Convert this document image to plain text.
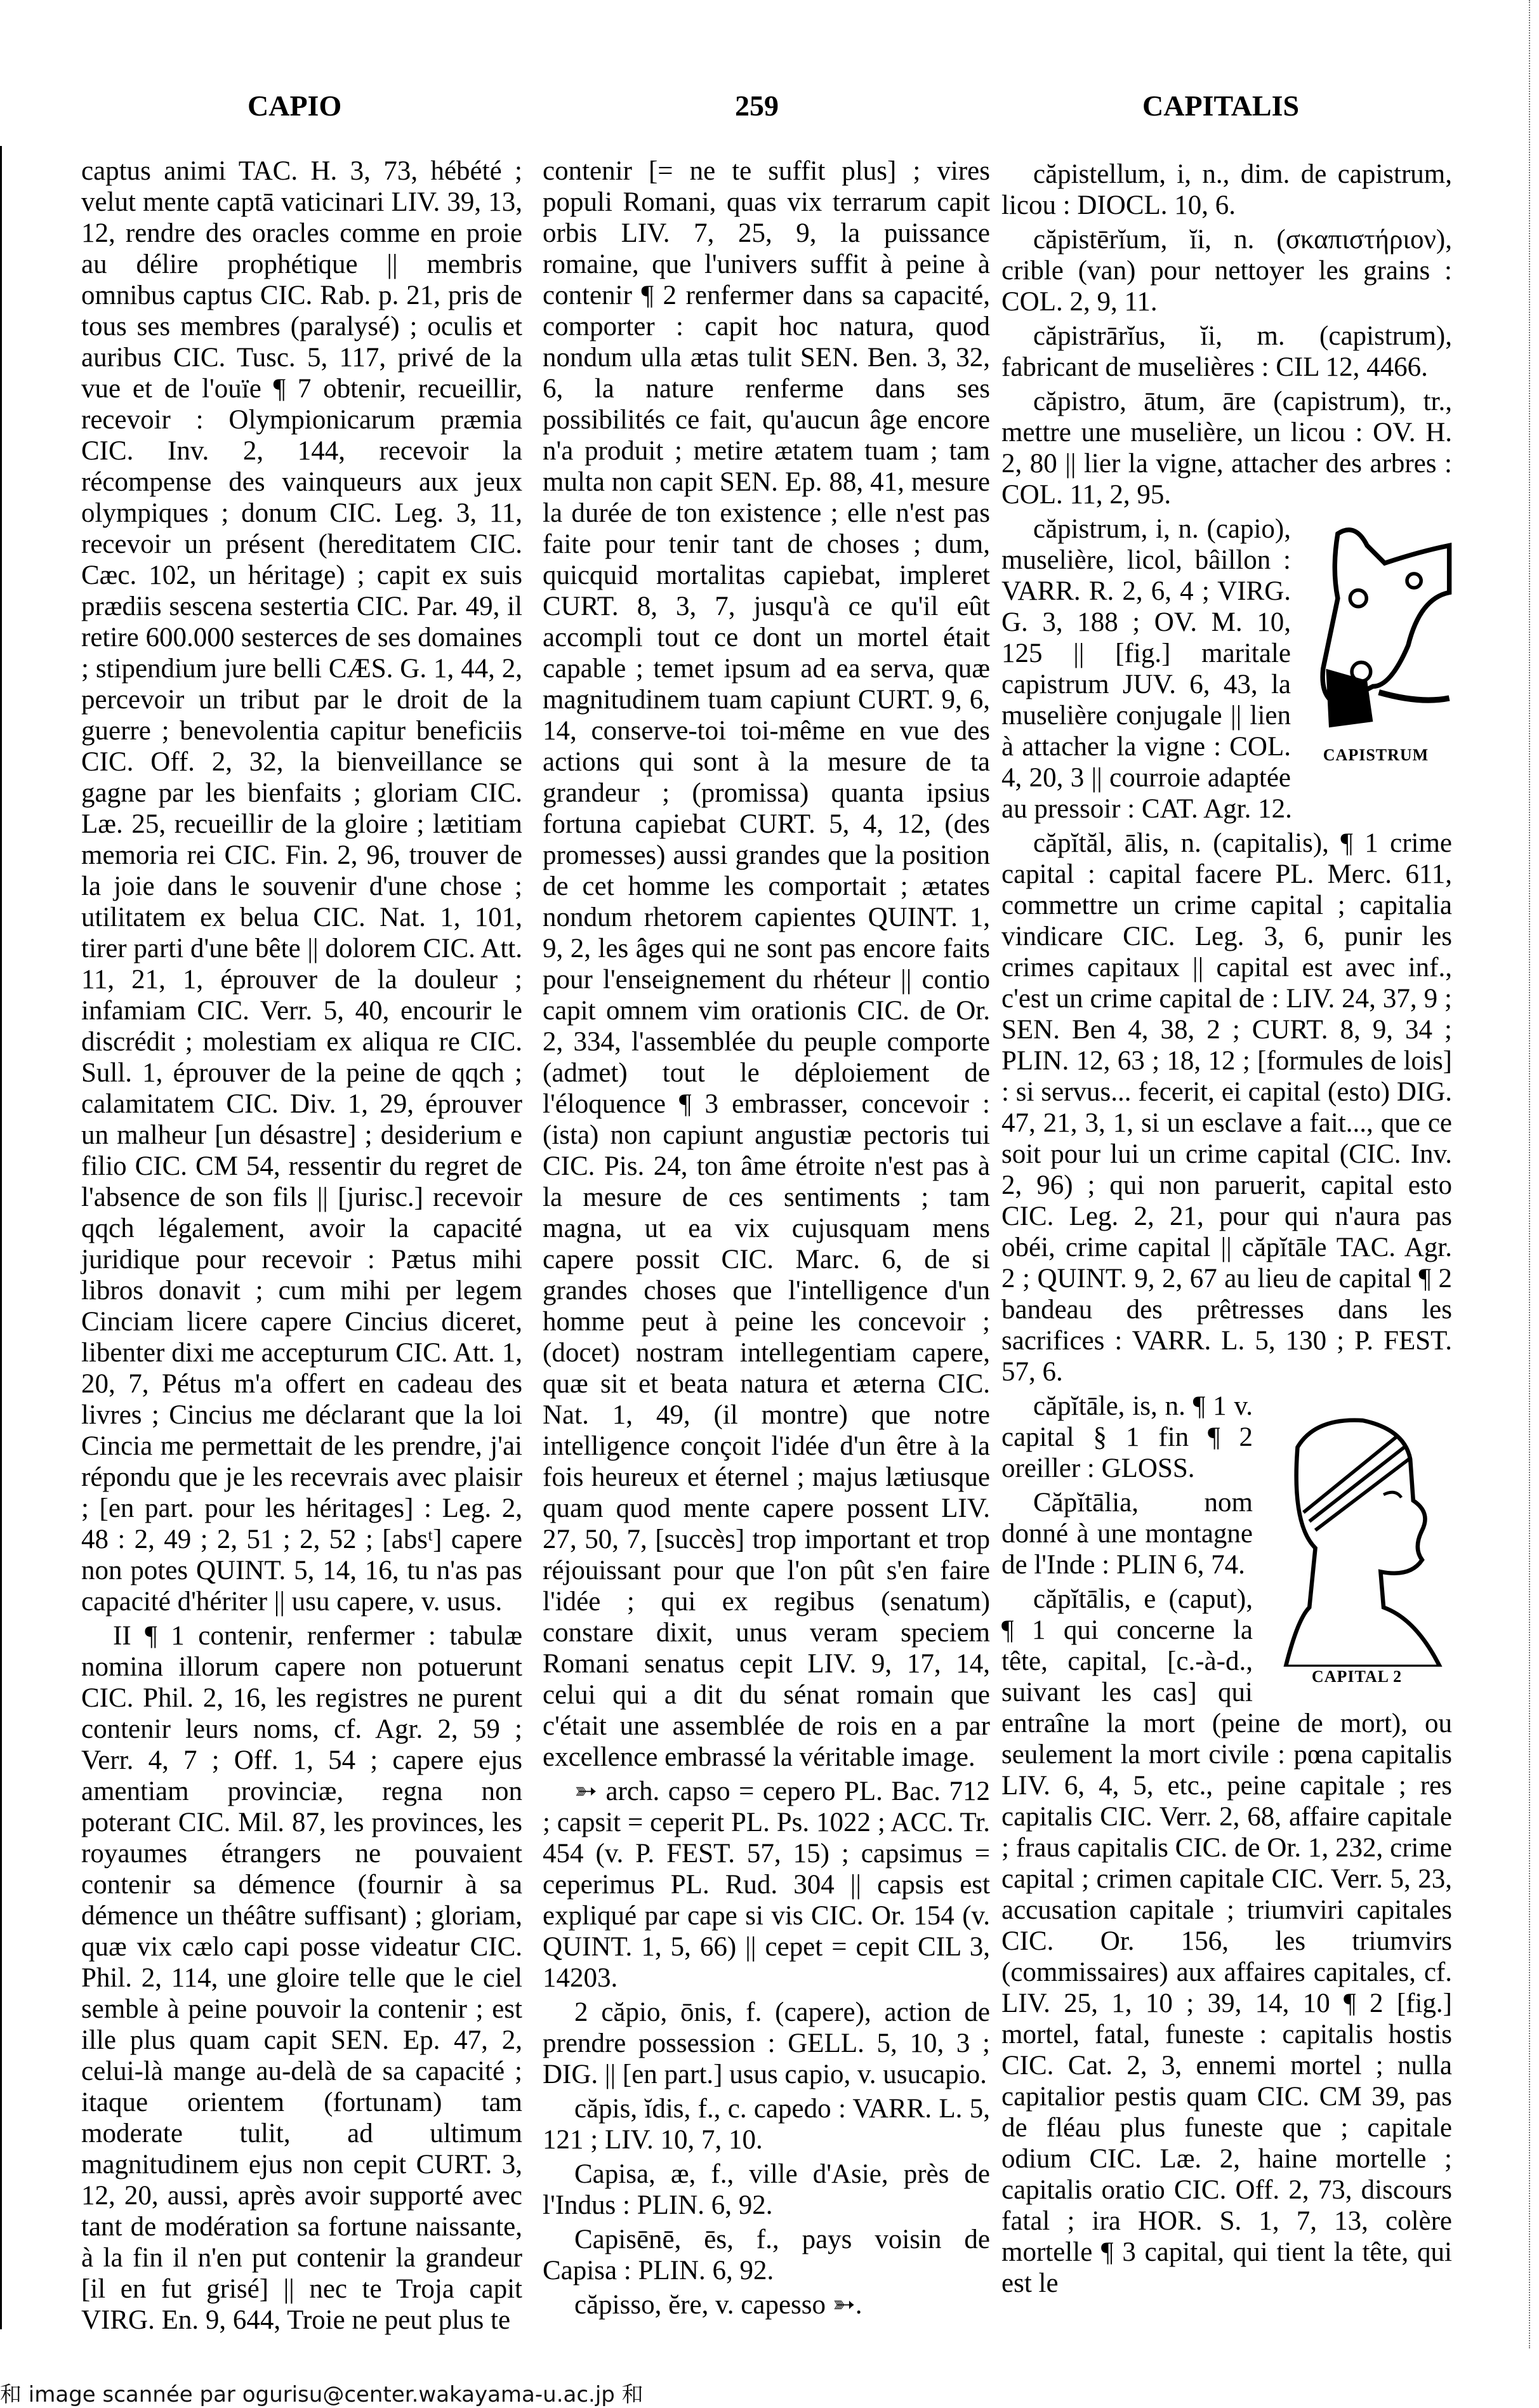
CAPIO	259	CAPITALIS

captus animi TAC. H. 3, 73, hébété ; velut mente captā vaticinari LIV. 39, 13, 12, rendre des oracles comme en proie au délire prophétique || membris omnibus captus CIC. Rab. p. 21, pris de tous ses membres (paralysé) ; oculis et auribus CIC. Tusc. 5, 117, privé de la vue et de l'ouïe ¶ 7 obtenir, recueillir, recevoir : Olympionicarum præmia CIC. Inv. 2, 144, recevoir la récompense des vainqueurs aux jeux olympiques ; donum CIC. Leg. 3, 11, recevoir un présent (hereditatem CIC. Cæc. 102, un héritage) ; capit ex suis prædiis sescena sestertia CIC. Par. 49, il retire 600.000 sesterces de ses domaines ; stipendium jure belli CÆS. G. 1, 44, 2, percevoir un tribut par le droit de la guerre ; benevolentia capitur beneficiis CIC. Off. 2, 32, la bienveillance se gagne par les bienfaits ; gloriam CIC. Læ. 25, recueillir de la gloire ; lætitiam memoria rei CIC. Fin. 2, 96, trouver de la joie dans le souvenir d'une chose ; utilitatem ex belua CIC. Nat. 1, 101, tirer parti d'une bête || dolorem CIC. Att. 11, 21, 1, éprouver de la douleur ; infamiam CIC. Verr. 5, 40, encourir le discrédit ; molestiam ex aliqua re CIC. Sull. 1, éprouver de la peine de qqch ; calamitatem CIC. Div. 1, 29, éprouver un malheur [un désastre] ; desiderium e filio CIC. CM 54, ressentir du regret de l'absence de son fils || [jurisc.] recevoir qqch légalement, avoir la capacité juridique pour recevoir : Pætus mihi libros donavit ; cum mihi per legem Cinciam licere capere Cincius diceret, libenter dixi me accepturum CIC. Att. 1, 20, 7, Pétus m'a offert en cadeau des livres ; Cincius me déclarant que la loi Cincia me permettait de les prendre, j'ai répondu que je les recevrais avec plaisir ; [en part. pour les héritages] : Leg. 2, 48 : 2, 49 ; 2, 51 ; 2, 52 ; [absᵗ] capere non potes QUINT. 5, 14, 16, tu n'as pas capacité d'hériter || usu capere, v. usus.

II ¶ 1 contenir, renfermer : tabulæ nomina illorum capere non potuerunt CIC. Phil. 2, 16, les registres ne purent contenir leurs noms, cf. Agr. 2, 59 ; Verr. 4, 7 ; Off. 1, 54 ; capere ejus amentiam provinciæ, regna non poterant CIC. Mil. 87, les provinces, les royaumes étrangers ne pouvaient contenir sa démence (fournir à sa démence un théâtre suffisant) ; gloriam, quæ vix cælo capi posse videatur CIC. Phil. 2, 114, une gloire telle que le ciel semble à peine pouvoir la contenir ; est ille plus quam capit SEN. Ep. 47, 2, celui-là mange au-delà de sa capacité ; itaque orientem (fortunam) tam moderate tulit, ad ultimum magnitudinem ejus non cepit CURT. 3, 12, 20, aussi, après avoir supporté avec tant de modération sa fortune naissante, à la fin il n'en put contenir la grandeur [il en fut grisé] || nec te Troja capit VIRG. En. 9, 644, Troie ne peut plus te

contenir [= ne te suffit plus] ; vires populi Romani, quas vix terrarum capit orbis LIV. 7, 25, 9, la puissance romaine, que l'univers suffit à peine à contenir ¶ 2 renfermer dans sa capacité, comporter : capit hoc natura, quod nondum ulla ætas tulit SEN. Ben. 3, 32, 6, la nature renferme dans ses possibilités ce fait, qu'aucun âge encore n'a produit ; metire ætatem tuam ; tam multa non capit SEN. Ep. 88, 41, mesure la durée de ton existence ; elle n'est pas faite pour tenir tant de choses ; dum, quicquid mortalitas capiebat, impleret CURT. 8, 3, 7, jusqu'à ce qu'il eût accompli tout ce dont un mortel était capable ; temet ipsum ad ea serva, quæ magnitudinem tuam capiunt CURT. 9, 6, 14, conserve-toi toi-même en vue des actions qui sont à la mesure de ta grandeur ; (promissa) quanta ipsius fortuna capiebat CURT. 5, 4, 12, (des promesses) aussi grandes que la position de cet homme les comportait ; ætates nondum rhetorem capientes QUINT. 1, 9, 2, les âges qui ne sont pas encore faits pour l'enseignement du rhéteur || contio capit omnem vim orationis CIC. de Or. 2, 334, l'assemblée du peuple comporte (admet) tout le déploiement de l'éloquence ¶ 3 embrasser, concevoir : (ista) non capiunt angustiæ pectoris tui CIC. Pis. 24, ton âme étroite n'est pas à la mesure de ces sentiments ; tam magna, ut ea vix cujusquam mens capere possit CIC. Marc. 6, de si grandes choses que l'intelligence d'un homme peut à peine les concevoir ; (docet) nostram intellegentiam capere, quæ sit et beata natura et æterna CIC. Nat. 1, 49, (il montre) que notre intelligence conçoit l'idée d'un être à la fois heureux et éternel ; majus lætiusque quam quod mente capere possent LIV. 27, 50, 7, [succès] trop important et trop réjouissant pour que l'on pût s'en faire l'idée ; qui ex regibus (senatum) constare dixit, unus veram speciem Romani senatus cepit LIV. 9, 17, 14, celui qui a dit du sénat romain que c'était une assemblée de rois en a par excellence embrassé la véritable image.

➳ arch. capso = cepero PL. Bac. 712 ; capsit = ceperit PL. Ps. 1022 ; ACC. Tr. 454 (v. P. FEST. 57, 15) ; capsimus = ceperimus PL. Rud. 304 || capsis est expliqué par cape si vis CIC. Or. 154 (v. QUINT. 1, 5, 66) || cepet = cepit CIL 3, 14203.

2 căpio, ōnis, f. (capere), action de prendre possession : GELL. 5, 10, 3 ; DIG. || [en part.] usus capio, v. usucapio.

căpis, ĭdis, f., c. capedo : VARR. L. 5, 121 ; LIV. 10, 7, 10.

Capisa, æ, f., ville d'Asie, près de l'Indus : PLIN. 6, 92.

Capisēnē, ēs, f., pays voisin de Capisa : PLIN. 6, 92.

căpisso, ĕre, v. capesso ➳.

căpistellum, i, n., dim. de capistrum, licou : DIOCL. 10, 6.

căpistērĭum, ĭi, n. (σκαπιστήριον), crible (van) pour nettoyer les grains : COL. 2, 9, 11.

căpistrārĭus, ĭi, m. (capistrum), fabricant de muselières : CIL 12, 4466.

căpistro, ātum, āre (capistrum), tr., mettre une muselière, un licou : OV. H. 2, 80 || lier la vigne, attacher des arbres : COL. 11, 2, 95.

CAPISTRUM

căpistrum, i, n. (capio), muselière, licol, bâillon : VARR. R. 2, 6, 4 ; VIRG. G. 3, 188 ; OV. M. 10, 125 || [fig.] maritale capistrum JUV. 6, 43, la muselière conjugale || lien à attacher la vigne : COL. 4, 20, 3 || courroie adaptée au pressoir : CAT. Agr. 12.

căpĭtăl, ālis, n. (capitalis), ¶ 1 crime capital : capital facere PL. Merc. 611, commettre un crime capital ; capitalia vindicare CIC. Leg. 3, 6, punir les crimes capitaux || capital est avec inf., c'est un crime capital de : LIV. 24, 37, 9 ; SEN. Ben 4, 38, 2 ; CURT. 8, 9, 34 ; PLIN. 12, 63 ; 18, 12 ; [formules de lois] : si servus... fecerit, ei capital (esto) DIG. 47, 21, 3, 1, si un esclave a fait..., que ce soit pour lui un crime capital (CIC. Inv. 2, 96) ; qui non paruerit, capital esto CIC. Leg. 2, 21, pour qui n'aura pas obéi, crime capital || căpĭtāle TAC. Agr. 2 ; QUINT. 9, 2, 67 au lieu de capital ¶ 2 bandeau des prêtresses dans les sacrifices : VARR. L. 5, 130 ; P. FEST. 57, 6.

CAPITAL 2

căpĭtāle, is, n. ¶ 1 v. capital § 1 fin ¶ 2 oreiller : GLOSS.

Căpĭtālia, nom donné à une montagne de l'Inde : PLIN 6, 74.

căpĭtālis, e (caput), ¶ 1 qui concerne la tête, capital, [c.-à-d., suivant les cas] qui entraîne la mort (peine de mort), ou seulement la mort civile : pœna capitalis LIV. 6, 4, 5, etc., peine capitale ; res capitalis CIC. Verr. 2, 68, affaire capitale ; fraus capitalis CIC. de Or. 1, 232, crime capital ; crimen capitale CIC. Verr. 5, 23, accusation capitale ; triumviri capitales CIC. Or. 156, les triumvirs (commissaires) aux affaires capitales, cf. LIV. 25, 1, 10 ; 39, 14, 10 ¶ 2 [fig.] mortel, fatal, funeste : capitalis hostis CIC. Cat. 2, 3, ennemi mortel ; nulla capitalior pestis quam CIC. CM 39, pas de fléau plus funeste que ; capitale odium CIC. Læ. 2, haine mortelle ; capitalis oratio CIC. Off. 2, 73, discours fatal ; ira HOR. S. 1, 7, 13, colère mortelle ¶ 3 capital, qui tient la tête, qui est le

和 image scannée par ogurisu@center.wakayama-u.ac.jp 和
